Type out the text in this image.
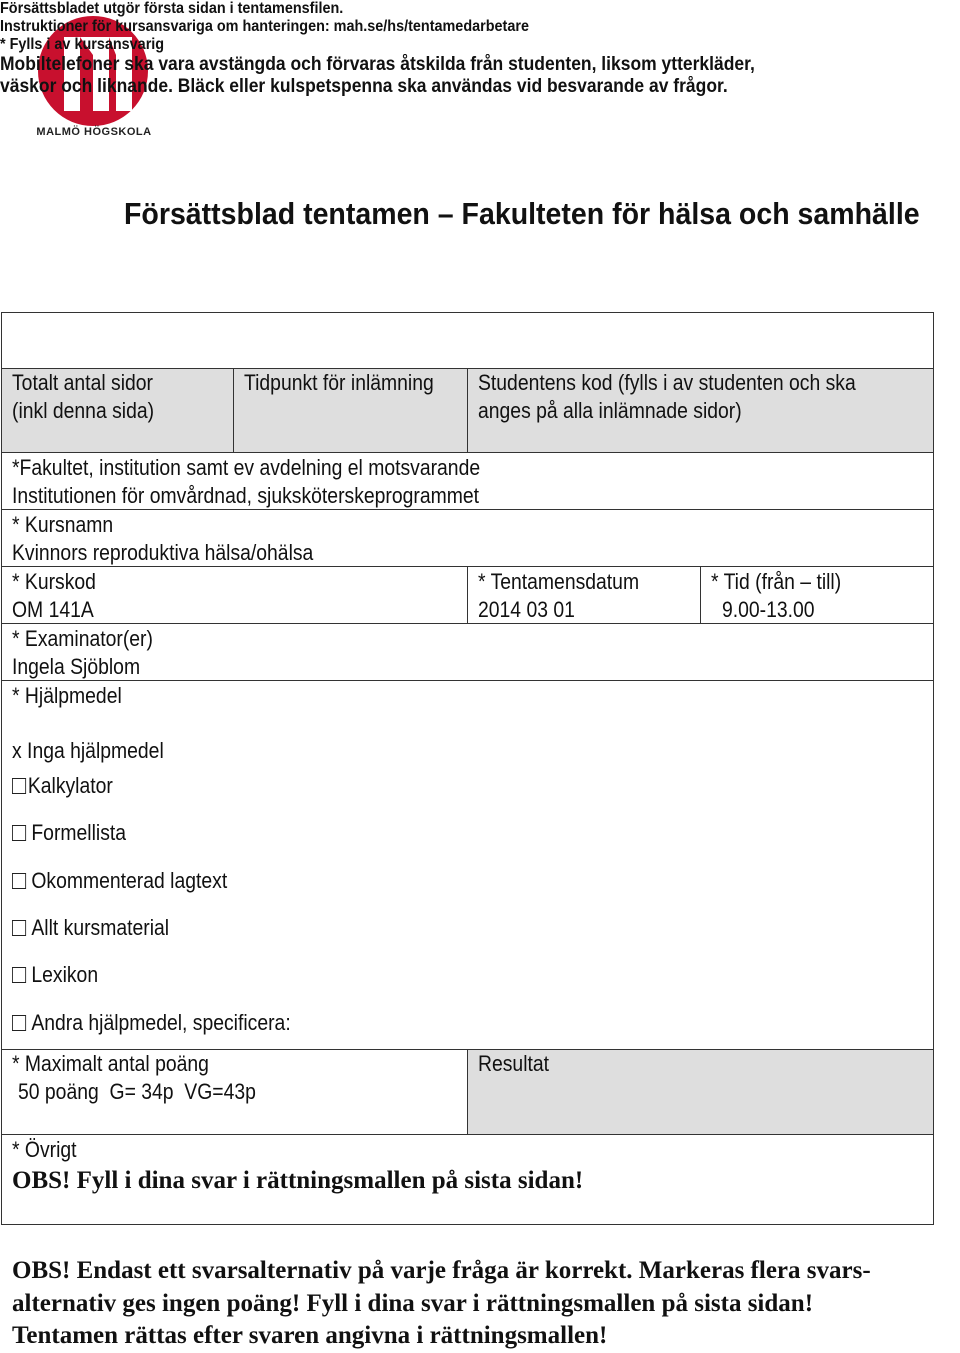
MALMÖ HÖGSKOLA
Försättsblad tentamen – Fakulteten för hälsa och samhälle
Försättsbladet utgör första sidan i tentamensfilen.
Instruktioner för kursansvariga om hanteringen: mah.se/hs/tentamedarbetare
* Fylls i av kursansvarig
Mobiltelefoner ska vara avstängda och förvaras åtskilda från studenten, liksom ytterkläder,
väskor och liknande. Bläck eller kulspetspenna ska användas vid besvarande av frågor.
Totalt antal sidor
(inkl denna sida)
Tidpunkt för inlämning Studentens kod (fylls i av studenten och ska
anges på alla inlämnade sidor)
*Fakultet, institution samt ev avdelning el motsvarande
Institutionen för omvårdnad, sjuksköterskeprogrammet
* Kursnamn
Kvinnors reproduktiva hälsa/ohälsa
* Kurskod
OM 141A
* Tentamensdatum
2014 03 01
* Tid (från – till)
9.00-13.00
* Examinator(er)
Ingela Sjöblom
* Hjälpmedel
x Inga hjälpmedel
Kalkylator
Formellista
Okommenterad lagtext
Allt kursmaterial
Lexikon
Andra hjälpmedel, specificera:
* Maximalt antal poäng
50 poäng  G= 34p  VG=43p
Resultat
* Övrigt
OBS! Fyll i dina svar i rättningsmallen på sista sidan!
OBS! Endast ett svarsalternativ på varje fråga är korrekt. Markeras flera svars-
alternativ ges ingen poäng! Fyll i dina svar i rättningsmallen på sista sidan!
Tentamen rättas efter svaren angivna i rättningsmallen!
